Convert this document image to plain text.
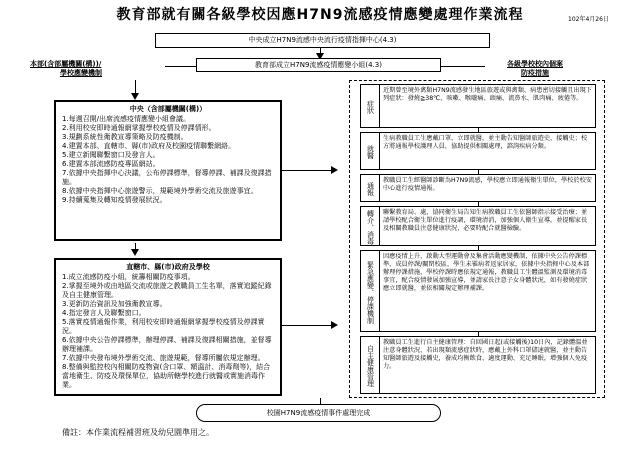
教育部就有關各級學校因應H7N9流感疫情應變處理作業流程	102年4月26日
中央成立H7N9流感中央流行疫情指揮中心(4.3)
教育部成立H7N9流感疫情應變小組(4.3)
本部(含部屬機關(構))/
學校應變機制
各級學校校內個案
防疫措施
中央（含部屬機關(構)）
1.每週召開/出席流感疫情應變小組會議。
2.利用校安即時通報網掌握學校疫情及停課情形。
3.規劃系統性衛教宣導策略及防疫機制。
4.建置本部、直轄市、縣(市)政府及校園疫情聯繫網絡。
5.建立新聞聯繫窗口及發言人。
6.建置本部流感防疫專區網站。
7.依據中央指揮中心決議，公布停課標準，督導停課、補課及復課措施。
8.依據中央指揮中心旅遊警示，規範境外學術交流及旅遊事宜。
9.持續蒐集及轉知疫情發展狀況。
直轄市、縣(市)政府及學校
1.成立流感防疫小組，統籌相關防疫事項。
2.掌握至境外或由地區交流或旅遊之教職員工生名單，落實追蹤紀錄及自主健康管理。
3.更新防治資訊及加強衛教宣導。
4.指定發言人及聯繫窗口。
5.落實疫情通報作業，利用校安即時通報網掌握學校疫情及停課實況。
6.依據中央公告停課標準，辦理停課、補課及復課相關措施，並督導辦理補課。
7.依據中央發布境外學術交流、旅遊規範，督導所屬依規定辦理。
8.整備與監控校內相關防疫物資(含口罩、額溫計、消毒劑等)，結合當地衛生、防疫及環保單位，協助所轄學校進行就醫或實施消毒作業。
症狀
近期曾至境外禽類H7N9流感發生地區旅遊或與禽類、病患密切接觸且出現下列症狀：發燒≧38℃、咳嗽、喉嚨痛、頭痛、流鼻水、肌肉痛、疲倦等。
就醫
生病教職員工生應戴口罩、立即就醫，並主動告知醫師旅遊史、接觸史；校方將通報學校護理人員，協助提供相關處理，諮詢疾病分類。
通報
教職員工生經醫師診斷為H7N9流感，學校應立即通報衛生單位，學校於校安中心進行疫情通報。
轉介、消毒	聯繫教育局、處，協同衛生局告知生病教職員工生依醫師指示接受治療；並請學校配合衛生單位進行疫調，環境清消，加強個人衛生宣導，並提醒家長及相關教職員注意健康狀況，必要時配合就醫檢驗。
緊急應變、停課機制
因應疫情上升，啟動大型運動會及集會活動應變機制，依據中央公告停課標準，成員停課/關閉校區，學生未罹病者返家居家，依據中央指揮中心及本部辦理停課措施，學校停課時應依規定通報，教職員工生體溫監測及環境消毒事宜，配合疫情發展加強宣導，並請家長注意子女身體狀況，如有發燒症狀應立即就醫，並依相關規定辦理補課。
自主健康管理
教職員工生進行自主健康管理：自回國日起(或接觸後)10日內，記錄體溫並注意身體狀況，若出現類流感症狀時，應戴上外科口罩儘速就醫，並主動告知醫師旅遊及接觸史，養成均衡飲食、適度運動、充足睡眠，增強個人免疫力。
校園H7N9流感疫情事件處理完成
備註：本作業流程補習班及幼兒園準用之。
